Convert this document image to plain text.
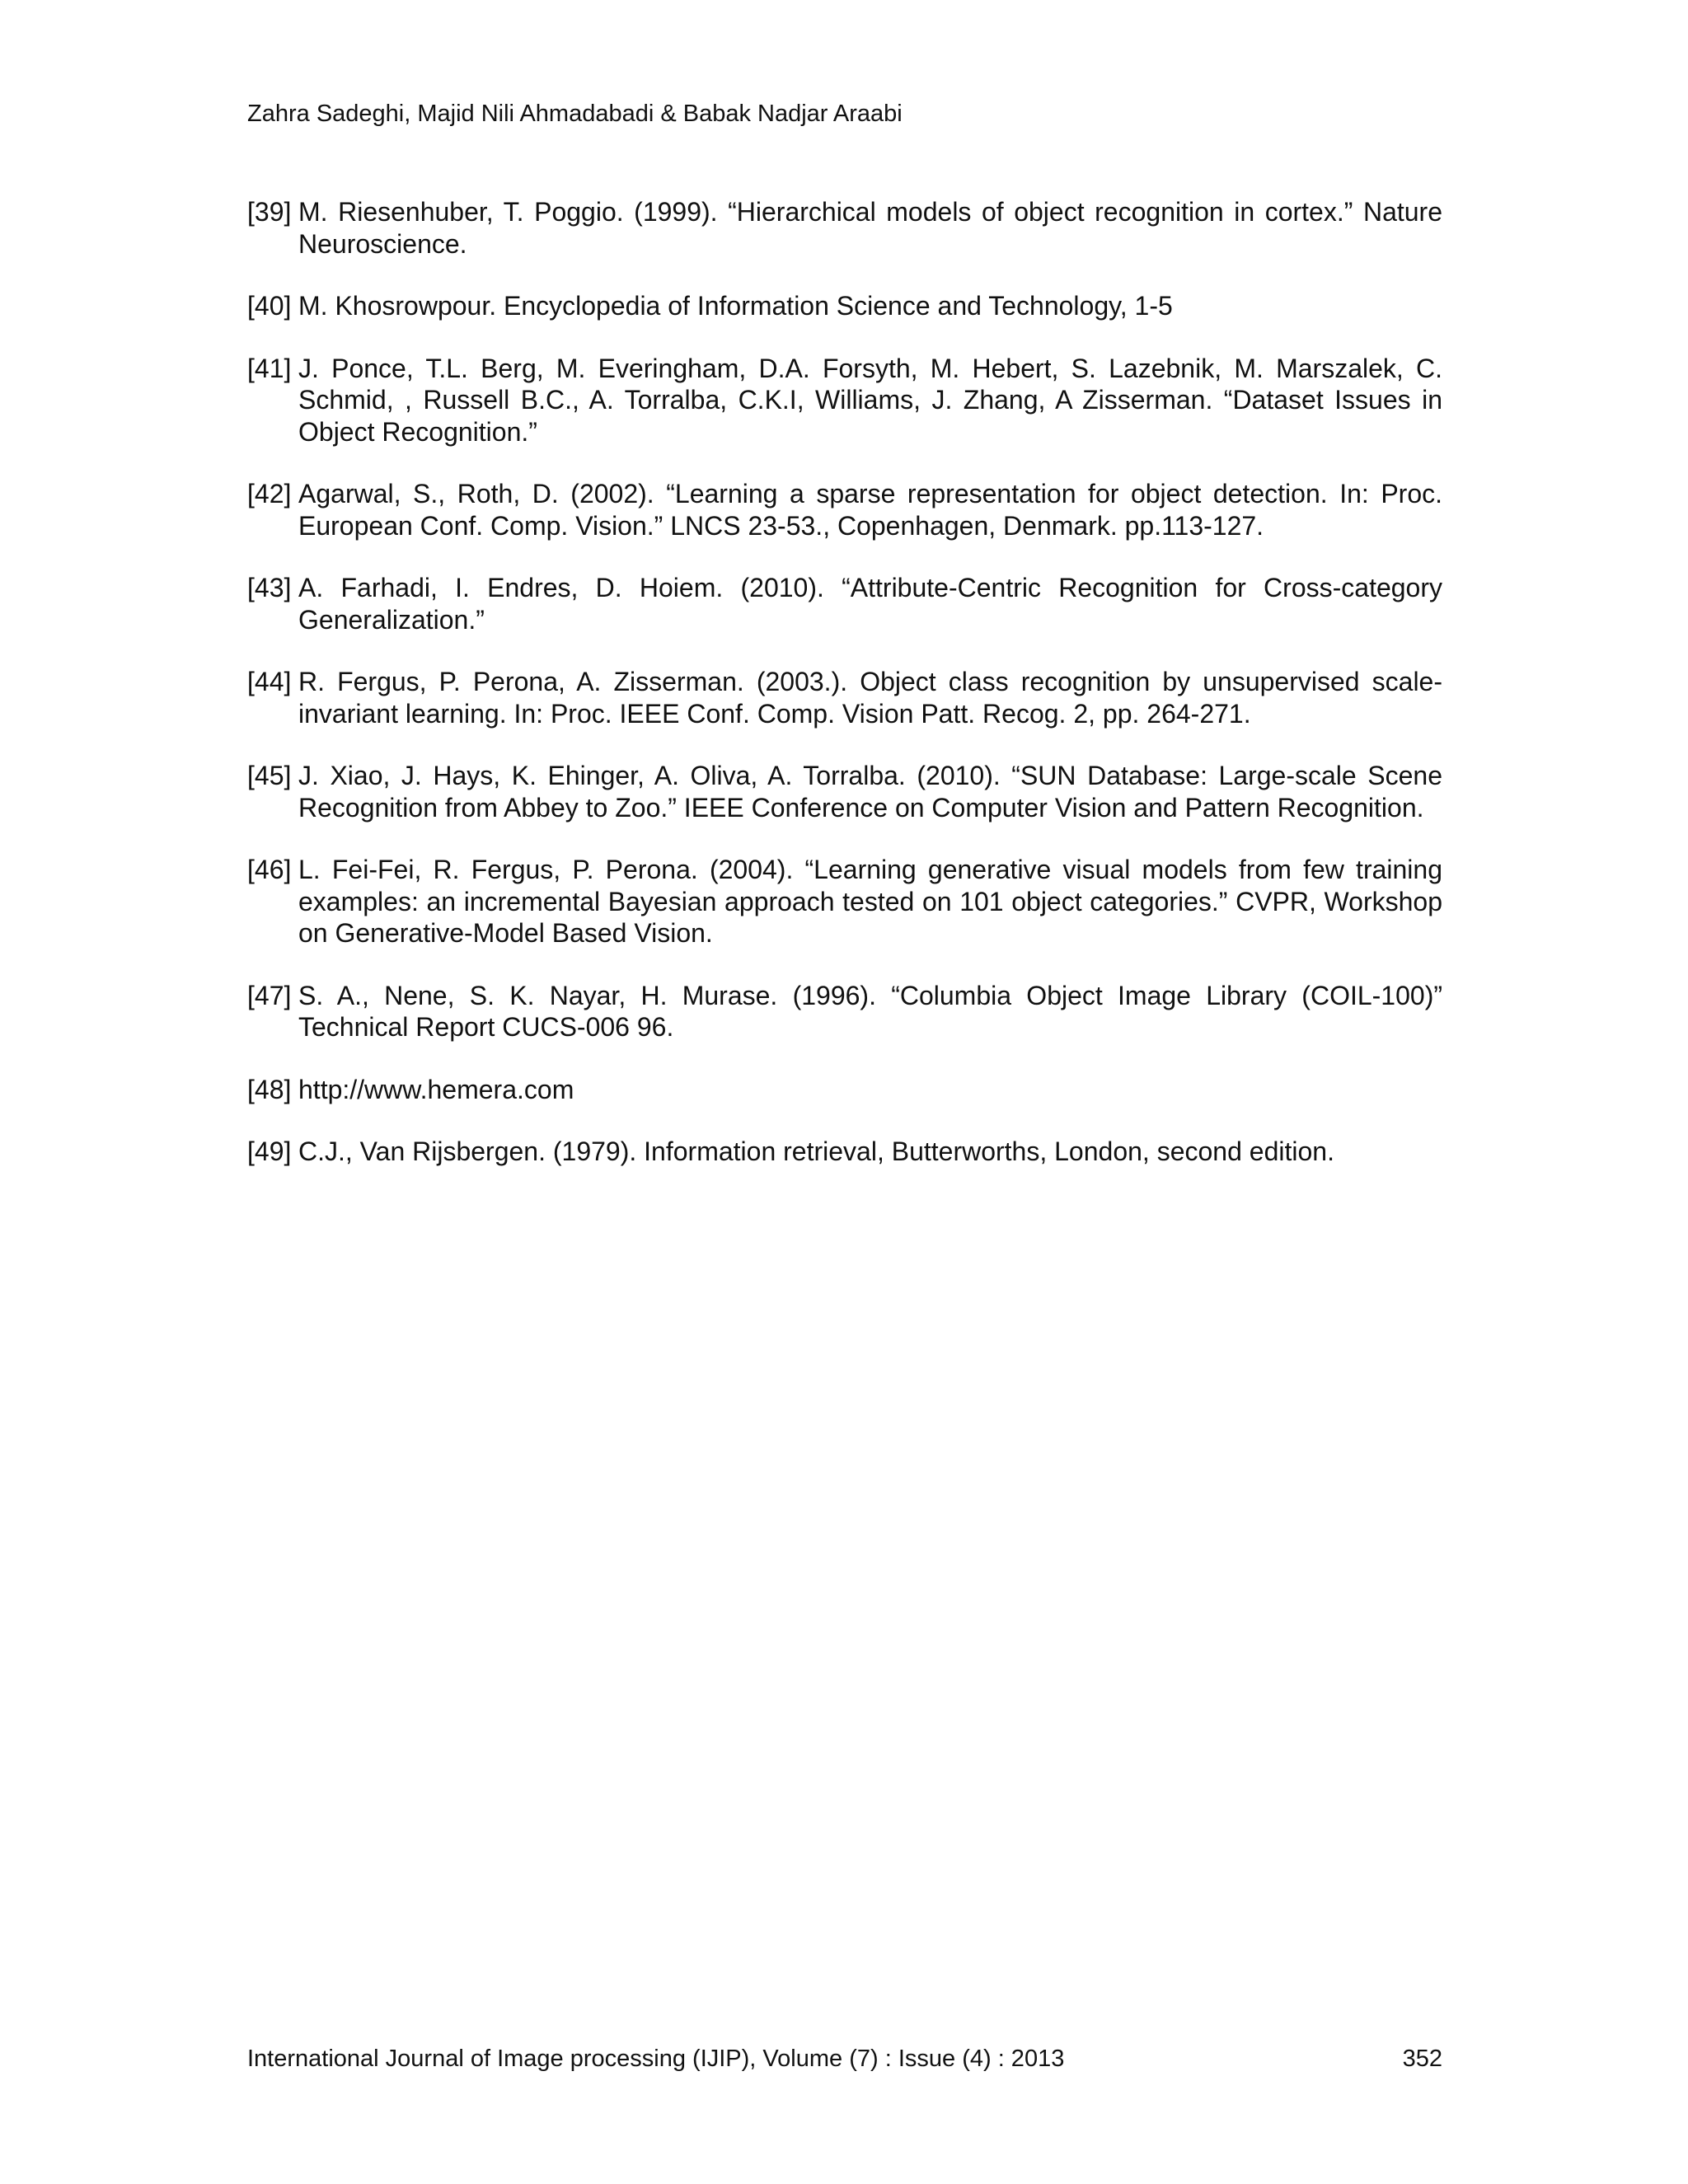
Zahra Sadeghi, Majid Nili Ahmadabadi & Babak Nadjar Araabi
[39] M. Riesenhuber, T. Poggio. (1999). “Hierarchical models of object recognition in cortex.” Nature Neuroscience.
[40] M. Khosrowpour. Encyclopedia of Information Science and Technology, 1-5
[41] J. Ponce, T.L. Berg, M. Everingham, D.A. Forsyth, M. Hebert, S. Lazebnik, M. Marszalek, C. Schmid, , Russell B.C., A. Torralba, C.K.I, Williams, J. Zhang, A Zisserman. “Dataset Issues in Object Recognition.”
[42] Agarwal, S., Roth, D. (2002). “Learning a sparse representation for object detection. In: Proc. European Conf. Comp. Vision.” LNCS 23-53., Copenhagen, Denmark. pp.113-127.
[43] A. Farhadi, I. Endres, D. Hoiem. (2010). “Attribute-Centric Recognition for Cross-category Generalization.”
[44] R. Fergus, P. Perona, A. Zisserman. (2003.). Object class recognition by unsupervised scale-invariant learning. In: Proc. IEEE Conf. Comp. Vision Patt. Recog. 2, pp. 264-271.
[45] J. Xiao, J. Hays, K. Ehinger, A. Oliva, A. Torralba. (2010). “SUN Database: Large-scale Scene Recognition from Abbey to Zoo.” IEEE Conference on Computer Vision and Pattern Recognition.
[46] L. Fei-Fei, R. Fergus, P. Perona. (2004). “Learning generative visual models from few training examples: an incremental Bayesian approach tested on 101 object categories.” CVPR, Workshop on Generative-Model Based Vision.
[47] S. A., Nene, S. K. Nayar, H. Murase. (1996). “Columbia Object Image Library (COIL-100)” Technical Report CUCS-006 96.
[48] http://www.hemera.com
[49] C.J., Van Rijsbergen. (1979). Information retrieval, Butterworths, London, second edition.
International Journal of Image processing (IJIP), Volume (7) : Issue (4) : 2013	352
